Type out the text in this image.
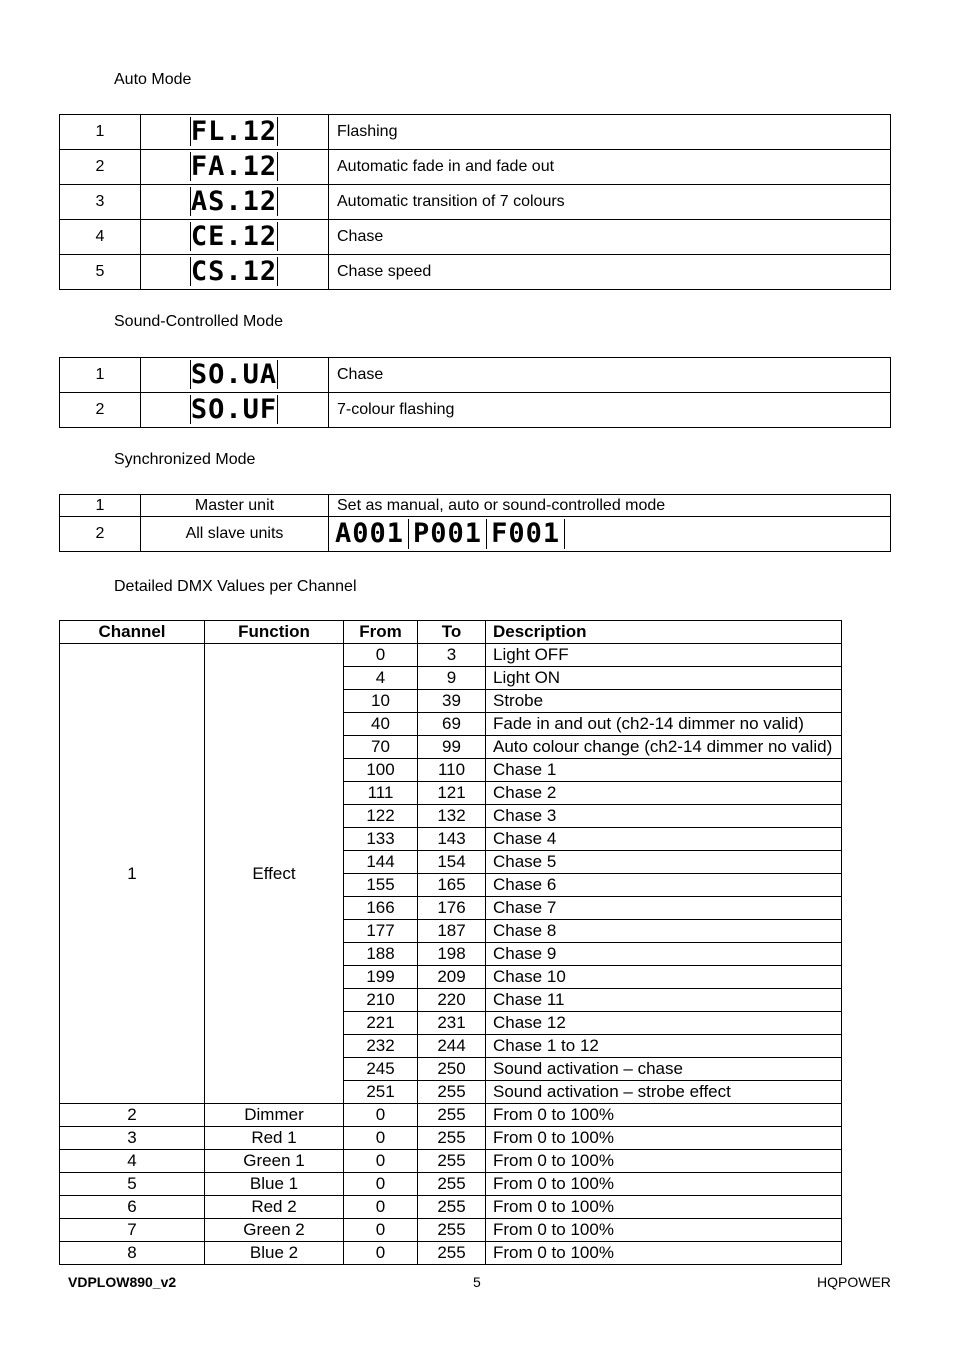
Auto Mode
1	FL.12	Flashing
2	FA.12	Automatic fade in and fade out
3	AS.12	Automatic transition of 7 colours
4	CE.12	Chase
5	CS.12	Chase speed
Sound-Controlled Mode
1	SO.UA	Chase
2	SO.UF	7-colour flashing
Synchronized Mode
1	Master unit	Set as manual, auto or sound-controlled mode
2	All slave units	A001 P001 F001
Detailed DMX Values per Channel
Channel	Function	From	To	Description
1	Effect	0	3	Light OFF
		4	9	Light ON
		10	39	Strobe
		40	69	Fade in and out (ch2-14 dimmer no valid)
		70	99	Auto colour change (ch2-14 dimmer no valid)
		100	110	Chase 1
		111	121	Chase 2
		122	132	Chase 3
		133	143	Chase 4
		144	154	Chase 5
		155	165	Chase 6
		166	176	Chase 7
		177	187	Chase 8
		188	198	Chase 9
		199	209	Chase 10
		210	220	Chase 11
		221	231	Chase 12
		232	244	Chase 1 to 12
		245	250	Sound activation – chase
		251	255	Sound activation – strobe effect
2	Dimmer	0	255	From 0 to 100%
3	Red 1	0	255	From 0 to 100%
4	Green 1	0	255	From 0 to 100%
5	Blue 1	0	255	From 0 to 100%
6	Red 2	0	255	From 0 to 100%
7	Green 2	0	255	From 0 to 100%
8	Blue 2	0	255	From 0 to 100%
VDPLOW890_v2	5	HQPOWER
